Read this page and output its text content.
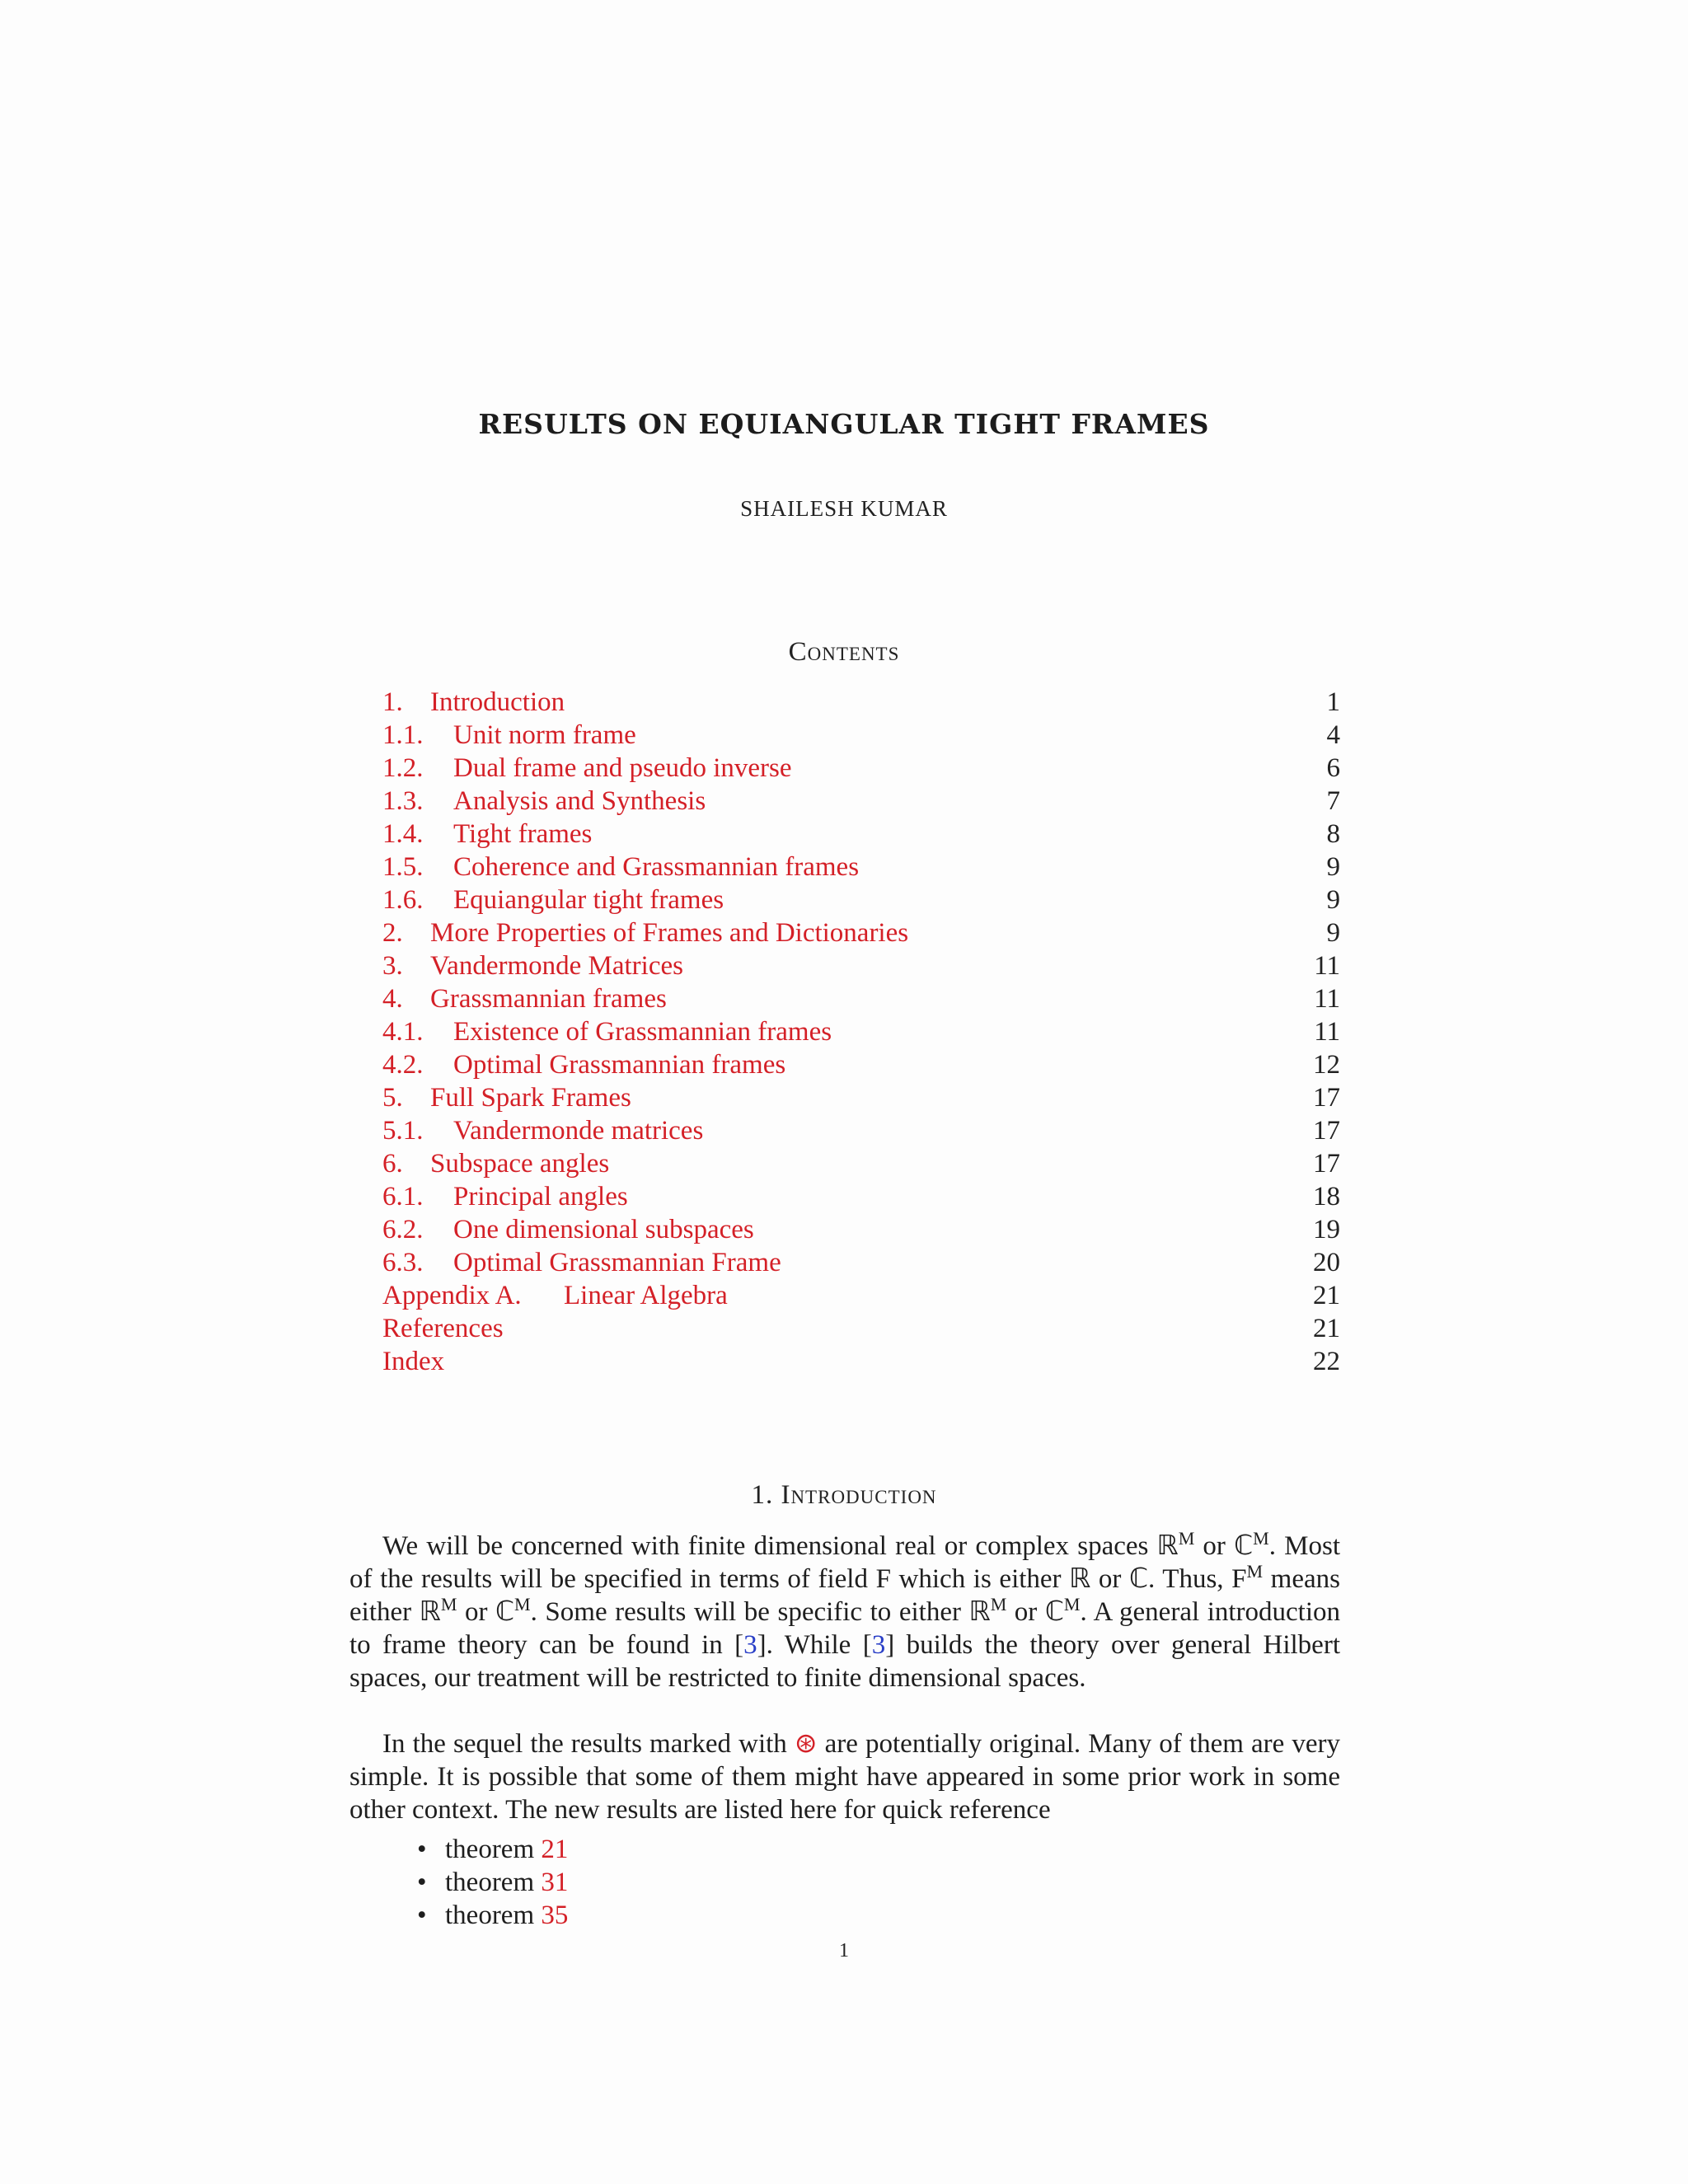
RESULTS ON EQUIANGULAR TIGHT FRAMES
SHAILESH KUMAR
Contents
1. Introduction	1
1.1. Unit norm frame	4
1.2. Dual frame and pseudo inverse	6
1.3. Analysis and Synthesis	7
1.4. Tight frames	8
1.5. Coherence and Grassmannian frames	9
1.6. Equiangular tight frames	9
2. More Properties of Frames and Dictionaries	9
3. Vandermonde Matrices	11
4. Grassmannian frames	11
4.1. Existence of Grassmannian frames	11
4.2. Optimal Grassmannian frames	12
5. Full Spark Frames	17
5.1. Vandermonde matrices	17
6. Subspace angles	17
6.1. Principal angles	18
6.2. One dimensional subspaces	19
6.3. Optimal Grassmannian Frame	20
Appendix A. Linear Algebra	21
References	21
Index	22
1. Introduction
We will be concerned with finite dimensional real or complex spaces ℝ$^M$ or ℂ$^M$. Most of the results will be specified in terms of field F which is either ℝ or ℂ. Thus, $F^M$ means either ℝ$^M$ or ℂ$^M$. Some results will be specific to either ℝ$^M$ or ℂ$^M$. A general introduction to frame theory can be found in [3]. While [3] builds the theory over general Hilbert spaces, our treatment will be restricted to finite dimensional spaces.
In the sequel the results marked with ⊛ are potentially original. Many of them are very simple. It is possible that some of them might have appeared in some prior work in some other context. The new results are listed here for quick reference
• theorem 21
• theorem 31
• theorem 35
1
